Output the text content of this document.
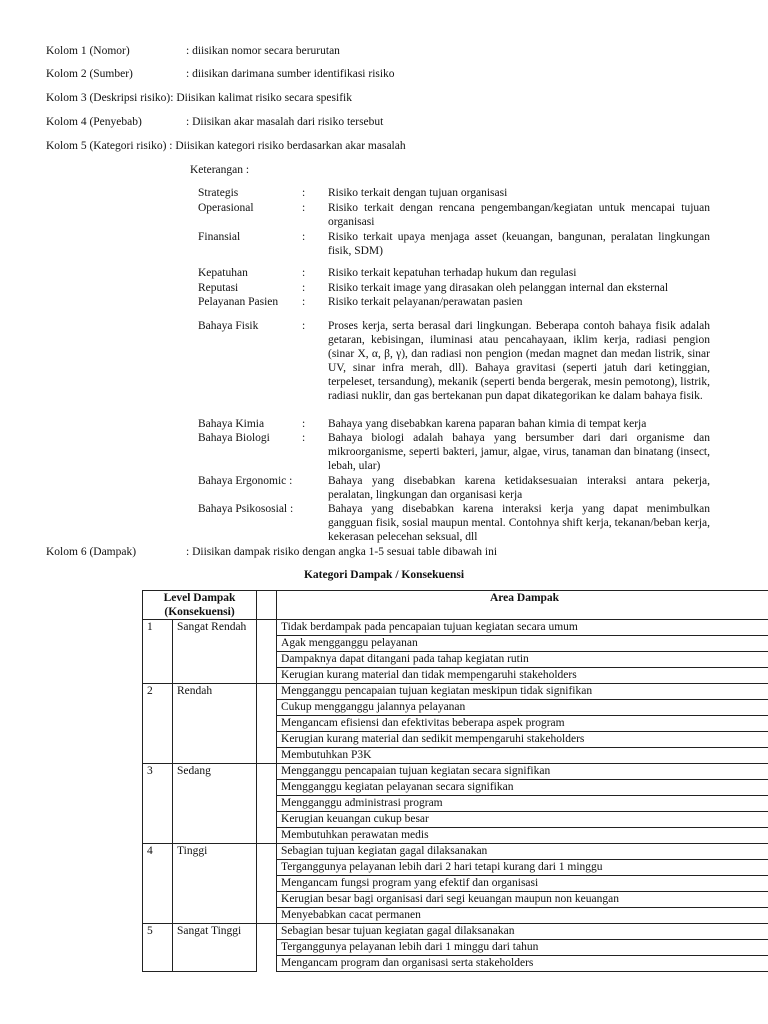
Kolom 1 (Nomor)	: diisikan nomor secara berurutan
Kolom 2 (Sumber)	: diisikan darimana sumber identifikasi risiko
Kolom 3 (Deskripsi risiko): Diisikan kalimat risiko secara spesifik
Kolom 4 (Penyebab)	: Diisikan akar masalah dari risiko tersebut
Kolom 5 (Kategori risiko) : Diisikan kategori risiko berdasarkan akar masalah
Keterangan :
Strategis	: Risiko terkait dengan tujuan organisasi
Operasional	: Risiko terkait dengan rencana pengembangan/kegiatan untuk mencapai tujuan organisasi
Finansial	: Risiko terkait upaya menjaga asset (keuangan, bangunan, peralatan lingkungan fisik, SDM)
Kepatuhan	: Risiko terkait kepatuhan terhadap hukum dan regulasi
Reputasi	: Risiko terkait image yang dirasakan oleh pelanggan internal dan eksternal
Pelayanan Pasien	: Risiko terkait pelayanan/perawatan pasien
Bahaya Fisik	: Proses kerja, serta berasal dari lingkungan. Beberapa contoh bahaya fisik adalah getaran, kebisingan, iluminasi atau pencahayaan, iklim kerja, radiasi pengion (sinar X, α, β, γ), dan radiasi non pengion (medan magnet dan medan listrik, sinar UV, sinar infra merah, dll). Bahaya gravitasi (seperti jatuh dari ketinggian, terpeleset, tersandung), mekanik (seperti benda bergerak, mesin pemotong), listrik, radiasi nuklir, dan gas bertekanan pun dapat dikategorikan ke dalam bahaya fisik.
Bahaya Kimia	: Bahaya yang disebabkan karena paparan bahan kimia di tempat kerja
Bahaya Biologi	: Bahaya biologi adalah bahaya yang bersumber dari dari organisme dan mikroorganisme, seperti bakteri, jamur, algae, virus, tanaman dan binatang (insect, lebah, ular)
Bahaya Ergonomic :	Bahaya yang disebabkan karena ketidaksesuaian interaksi antara pekerja, peralatan, lingkungan dan organisasi kerja
Bahaya Psikososial :	Bahaya yang disebabkan karena interaksi kerja yang dapat menimbulkan gangguan fisik, sosial maupun mental. Contohnya shift kerja, tekanan/beban kerja, kekerasan pelecehan seksual, dll
Kolom 6 (Dampak)	: Diisikan dampak risiko dengan angka 1-5 sesuai table dibawah ini
Kategori Dampak / Konsekuensi
Level Dampak (Konsekuensi)			Area Dampak
1	Sangat Rendah		Tidak berdampak pada pencapaian tujuan kegiatan secara umum
			Agak mengganggu pelayanan
			Dampaknya dapat ditangani pada tahap kegiatan rutin
			Kerugian kurang material dan tidak mempengaruhi stakeholders
2	Rendah		Mengganggu pencapaian tujuan kegiatan meskipun tidak signifikan
			Cukup mengganggu jalannya pelayanan
			Mengancam efisiensi dan efektivitas beberapa aspek program
			Kerugian kurang material dan sedikit mempengaruhi stakeholders
			Membutuhkan P3K
3	Sedang		Mengganggu pencapaian tujuan kegiatan secara signifikan
			Mengganggu kegiatan pelayanan secara signifikan
			Mengganggu administrasi program
			Kerugian keuangan cukup besar
			Membutuhkan perawatan medis
4	Tinggi		Sebagian tujuan kegiatan gagal dilaksanakan
			Terganggunya pelayanan lebih dari 2 hari tetapi kurang dari 1 minggu
			Mengancam fungsi program yang efektif dan organisasi
			Kerugian besar bagi organisasi dari segi keuangan maupun non keuangan
			Menyebabkan cacat permanen
5	Sangat Tinggi		Sebagian besar tujuan kegiatan gagal dilaksanakan
			Terganggunya pelayanan lebih dari 1 minggu dari tahun
			Mengancam program dan organisasi serta stakeholders
